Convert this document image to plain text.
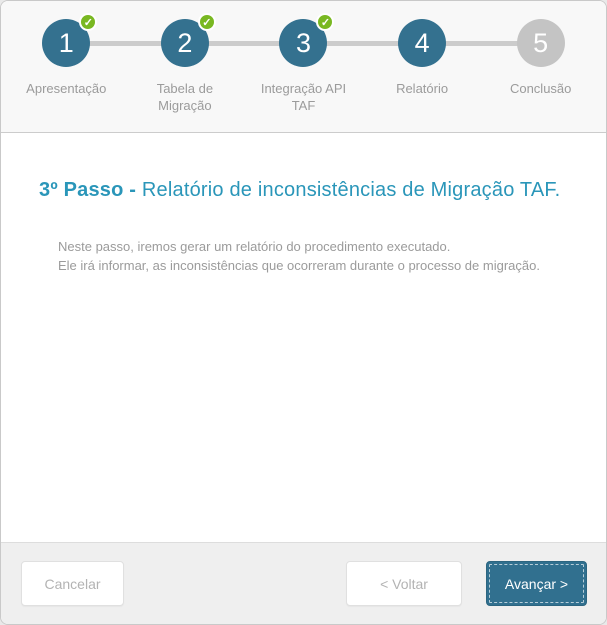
1
✓
Apresentação
2
✓
Tabela de Migração
3
✓
Integração API TAF
4
Relatório
5
Conclusão
3º Passo - Relatório de inconsistências de Migração TAF.
Neste passo, iremos gerar um relatório do procedimento executado.
Ele irá informar, as inconsistências que ocorreram durante o processo de migração.
Cancelar	< Voltar	Avançar >
